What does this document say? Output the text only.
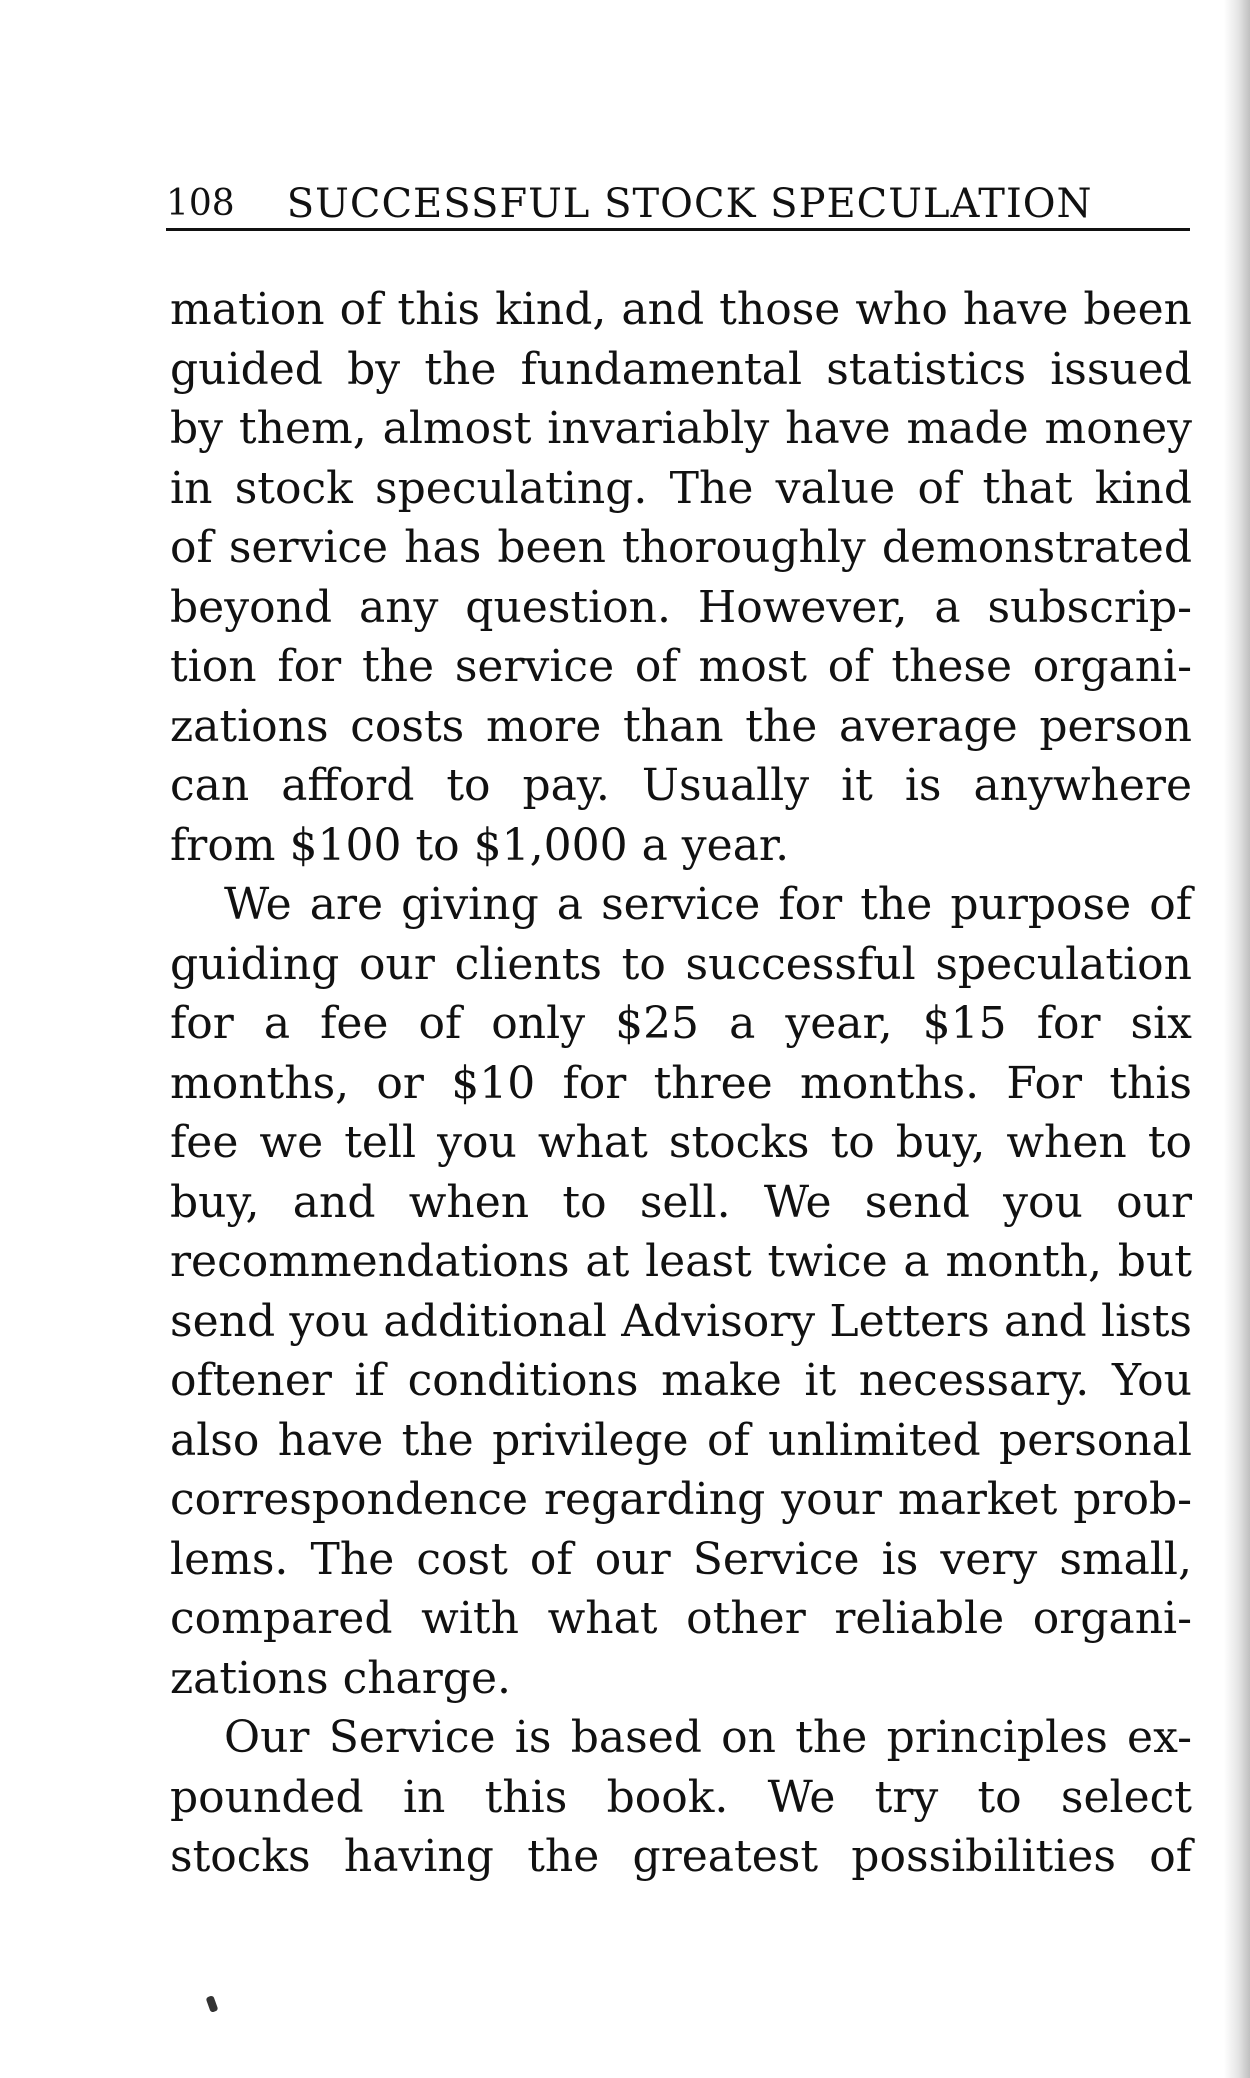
108 SUCCESSFUL STOCK SPECULATION

mation of this kind, and those who have been
guided by the fundamental statistics issued
by them, almost invariably have made money
in stock speculating. The value of that kind
of service has been thoroughly demonstrated
beyond any question. However, a subscrip-
tion for the service of most of these organi-
zations costs more than the average person
can afford to pay. Usually it is anywhere
from $100 to $1,000 a year.

We are giving a service for the purpose of
guiding our clients to successful speculation
for a fee of only $25 a year, $15 for six
months, or $10 for three months. For this
fee we tell you what stocks to buy, when to
buy, and when to sell. We send you our
recommendations at least twice a month, but
send you additional Advisory Letters and lists
oftener if conditions make it necessary. You
also have the privilege of unlimited personal
correspondence regarding your market prob-
lems. The cost of our Service is very small,
compared with what other reliable organi-
zations charge.

Our Service is based on the principles ex-
pounded in this book. We try to select
stocks having the greatest possibilities of
